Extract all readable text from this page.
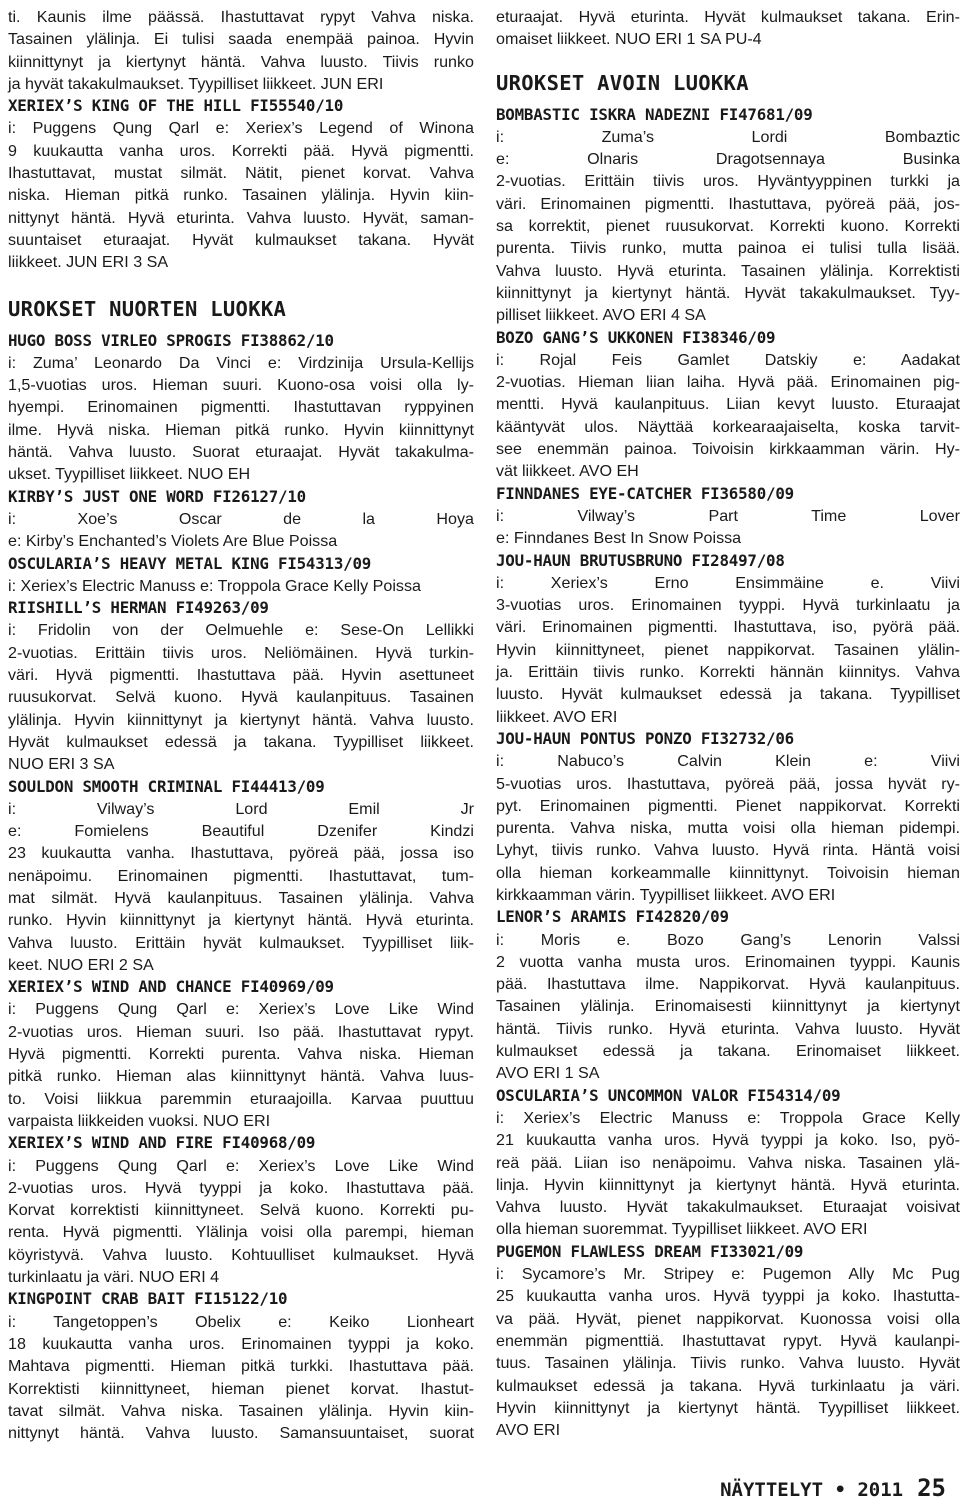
ti. Kaunis ilme päässä. Ihastuttavat rypyt Vahva niska.
Tasainen ylälinja. Ei tulisi saada enempää painoa. Hyvin
kiinnittynyt ja kiertynyt häntä. Vahva luusto. Tiivis runko
ja hyvät takakulmaukset. Tyypilliset liikkeet. JUN ERI
XERIEX’S KING OF THE HILL FI55540/10
i: Puggens Qung Qarl e: Xeriex’s Legend of Winona
9 kuukautta vanha uros. Korrekti pää. Hyvä pigmentti.
Ihastuttavat, mustat silmät. Nätit, pienet korvat. Vahva
niska. Hieman pitkä runko. Tasainen ylälinja. Hyvin kiin-
nittynyt häntä. Hyvä eturinta. Vahva luusto. Hyvät, saman-
suuntaiset eturaajat. Hyvät kulmaukset takana. Hyvät
liikkeet. JUN ERI 3 SA
UROKSET NUORTEN LUOKKA
HUGO BOSS VIRLEO SPROGIS FI38862/10
i: Zuma’ Leonardo Da Vinci e: Virdzinija Ursula-Kellijs
1,5-vuotias uros. Hieman suuri. Kuono-osa voisi olla ly-
hyempi. Erinomainen pigmentti. Ihastuttavan ryppyinen
ilme. Hyvä niska. Hieman pitkä runko. Hyvin kiinnittynyt
häntä. Vahva luusto. Suorat eturaajat. Hyvät takakulma-
ukset. Tyypilliset liikkeet. NUO EH
KIRBY’S JUST ONE WORD FI26127/10
i: Xoe’s Oscar de la Hoya
e: Kirby’s Enchanted’s Violets Are Blue Poissa
OSCULARIA’S HEAVY METAL KING FI54313/09
i: Xeriex’s Electric Manuss e: Troppola Grace Kelly Poissa
RIISHILL’S HERMAN FI49263/09
i: Fridolin von der Oelmuehle e: Sese-On Lellikki
2-vuotias. Erittäin tiivis uros. Neliömäinen. Hyvä turkin-
väri. Hyvä pigmentti. Ihastuttava pää. Hyvin asettuneet
ruusukorvat. Selvä kuono. Hyvä kaulanpituus. Tasainen
ylälinja. Hyvin kiinnittynyt ja kiertynyt häntä. Vahva luusto.
Hyvät kulmaukset edessä ja takana. Tyypilliset liikkeet.
NUO ERI 3 SA
SOULDON SMOOTH CRIMINAL FI44413/09
i: Vilway’s Lord Emil Jr
e: Fomielens Beautiful Dzenifer Kindzi
23 kuukautta vanha. Ihastuttava, pyöreä pää, jossa iso
nenäpoimu. Erinomainen pigmentti. Ihastuttavat, tum-
mat silmät. Hyvä kaulanpituus. Tasainen ylälinja. Vahva
runko. Hyvin kiinnittynyt ja kiertynyt häntä. Hyvä eturinta.
Vahva luusto. Erittäin hyvät kulmaukset. Tyypilliset liik-
keet. NUO ERI 2 SA
XERIEX’S WIND AND CHANCE FI40969/09
i: Puggens Qung Qarl e: Xeriex’s Love Like Wind
2-vuotias uros. Hieman suuri. Iso pää. Ihastuttavat rypyt.
Hyvä pigmentti. Korrekti purenta. Vahva niska. Hieman
pitkä runko. Hieman alas kiinnittynyt häntä. Vahva luus-
to. Voisi liikkua paremmin eturaajoilla. Karvaa puuttuu
varpaista liikkeiden vuoksi. NUO ERI
XERIEX’S WIND AND FIRE FI40968/09
i: Puggens Qung Qarl e: Xeriex’s Love Like Wind
2-vuotias uros. Hyvä tyyppi ja koko. Ihastuttava pää.
Korvat korrektisti kiinnittyneet. Selvä kuono. Korrekti pu-
renta. Hyvä pigmentti. Ylälinja voisi olla parempi, hieman
köyristyvä. Vahva luusto. Kohtuulliset kulmaukset. Hyvä
turkinlaatu ja väri. NUO ERI 4
KINGPOINT CRAB BAIT FI15122/10
i: Tangetoppen’s Obelix e: Keiko Lionheart
18 kuukautta vanha uros. Erinomainen tyyppi ja koko.
Mahtava pigmentti. Hieman pitkä turkki. Ihastuttava pää.
Korrektisti kiinnittyneet, hieman pienet korvat. Ihastut-
tavat silmät. Vahva niska. Tasainen ylälinja. Hyvin kiin-
nittynyt häntä. Vahva luusto. Samansuuntaiset, suorat
eturaajat. Hyvä eturinta. Hyvät kulmaukset takana. Erin-
omaiset liikkeet. NUO ERI 1 SA PU-4
UROKSET AVOIN LUOKKA
BOMBASTIC ISKRA NADEZNI FI47681/09
i: Zuma’s Lordi Bombaztic
e: Olnaris Dragotsennaya Businka
2-vuotias. Erittäin tiivis uros. Hyväntyyppinen turkki ja
väri. Erinomainen pigmentti. Ihastuttava, pyöreä pää, jos-
sa korrektit, pienet ruusukorvat. Korrekti kuono. Korrekti
purenta. Tiivis runko, mutta painoa ei tulisi tulla lisää.
Vahva luusto. Hyvä eturinta. Tasainen ylälinja. Korrektisti
kiinnittynyt ja kiertynyt häntä. Hyvät takakulmaukset. Tyy-
pilliset liikkeet. AVO ERI 4 SA
BOZO GANG’S UKKONEN FI38346/09
i: Rojal Feis Gamlet Datskiy e: Aadakat
2-vuotias. Hieman liian laiha. Hyvä pää. Erinomainen pig-
mentti. Hyvä kaulanpituus. Liian kevyt luusto. Eturaajat
kääntyvät ulos. Näyttää korkearaajaiselta, koska tarvit-
see enemmän painoa. Toivoisin kirkkaamman värin. Hy-
vät liikkeet. AVO EH
FINNDANES EYE-CATCHER FI36580/09
i: Vilway’s Part Time Lover
e: Finndanes Best In Snow Poissa
JOU-HAUN BRUTUSBRUNO FI28497/08
i: Xeriex’s Erno Ensimmäine e. Viivi
3-vuotias uros. Erinomainen tyyppi. Hyvä turkinlaatu ja
väri. Erinomainen pigmentti. Ihastuttava, iso, pyörä pää.
Hyvin kiinnittyneet, pienet nappikorvat. Tasainen ylälin-
ja. Erittäin tiivis runko. Korrekti hännän kiinnitys. Vahva
luusto. Hyvät kulmaukset edessä ja takana. Tyypilliset
liikkeet. AVO ERI
JOU-HAUN PONTUS PONZO FI32732/06
i: Nabuco’s Calvin Klein e: Viivi
5-vuotias uros. Ihastuttava, pyöreä pää, jossa hyvät ry-
pyt. Erinomainen pigmentti. Pienet nappikorvat. Korrekti
purenta. Vahva niska, mutta voisi olla hieman pidempi.
Lyhyt, tiivis runko. Vahva luusto. Hyvä rinta. Häntä voisi
olla hieman korkeammalle kiinnittynyt. Toivoisin hieman
kirkkaamman värin. Tyypilliset liikkeet. AVO ERI
LENOR’S ARAMIS FI42820/09
i: Moris e. Bozo Gang’s Lenorin Valssi
2 vuotta vanha musta uros. Erinomainen tyyppi. Kaunis
pää. Ihastuttava ilme. Nappikorvat. Hyvä kaulanpituus.
Tasainen ylälinja. Erinomaisesti kiinnittynyt ja kiertynyt
häntä. Tiivis runko. Hyvä eturinta. Vahva luusto. Hyvät
kulmaukset edessä ja takana. Erinomaiset liikkeet.
AVO ERI 1 SA
OSCULARIA’S UNCOMMON VALOR FI54314/09
i: Xeriex’s Electric Manuss e: Troppola Grace Kelly
21 kuukautta vanha uros. Hyvä tyyppi ja koko. Iso, pyö-
reä pää. Liian iso nenäpoimu. Vahva niska. Tasainen ylä-
linja. Hyvin kiinnittynyt ja kiertynyt häntä. Hyvä eturinta.
Vahva luusto. Hyvät takakulmaukset. Eturaajat voisivat
olla hieman suoremmat. Tyypilliset liikkeet. AVO ERI
PUGEMON FLAWLESS DREAM FI33021/09
i: Sycamore’s Mr. Stripey e: Pugemon Ally Mc Pug
25 kuukautta vanha uros. Hyvä tyyppi ja koko. Ihastutta-
va pää. Hyvät, pienet nappikorvat. Kuonossa voisi olla
enemmän pigmenttiä. Ihastuttavat rypyt. Hyvä kaulanpi-
tuus. Tasainen ylälinja. Tiivis runko. Vahva luusto. Hyvät
kulmaukset edessä ja takana. Hyvä turkinlaatu ja väri.
Hyvin kiinnittynyt ja kiertynyt häntä. Tyypilliset liikkeet.
AVO ERI
NÄYTTELYT • 2011 25
